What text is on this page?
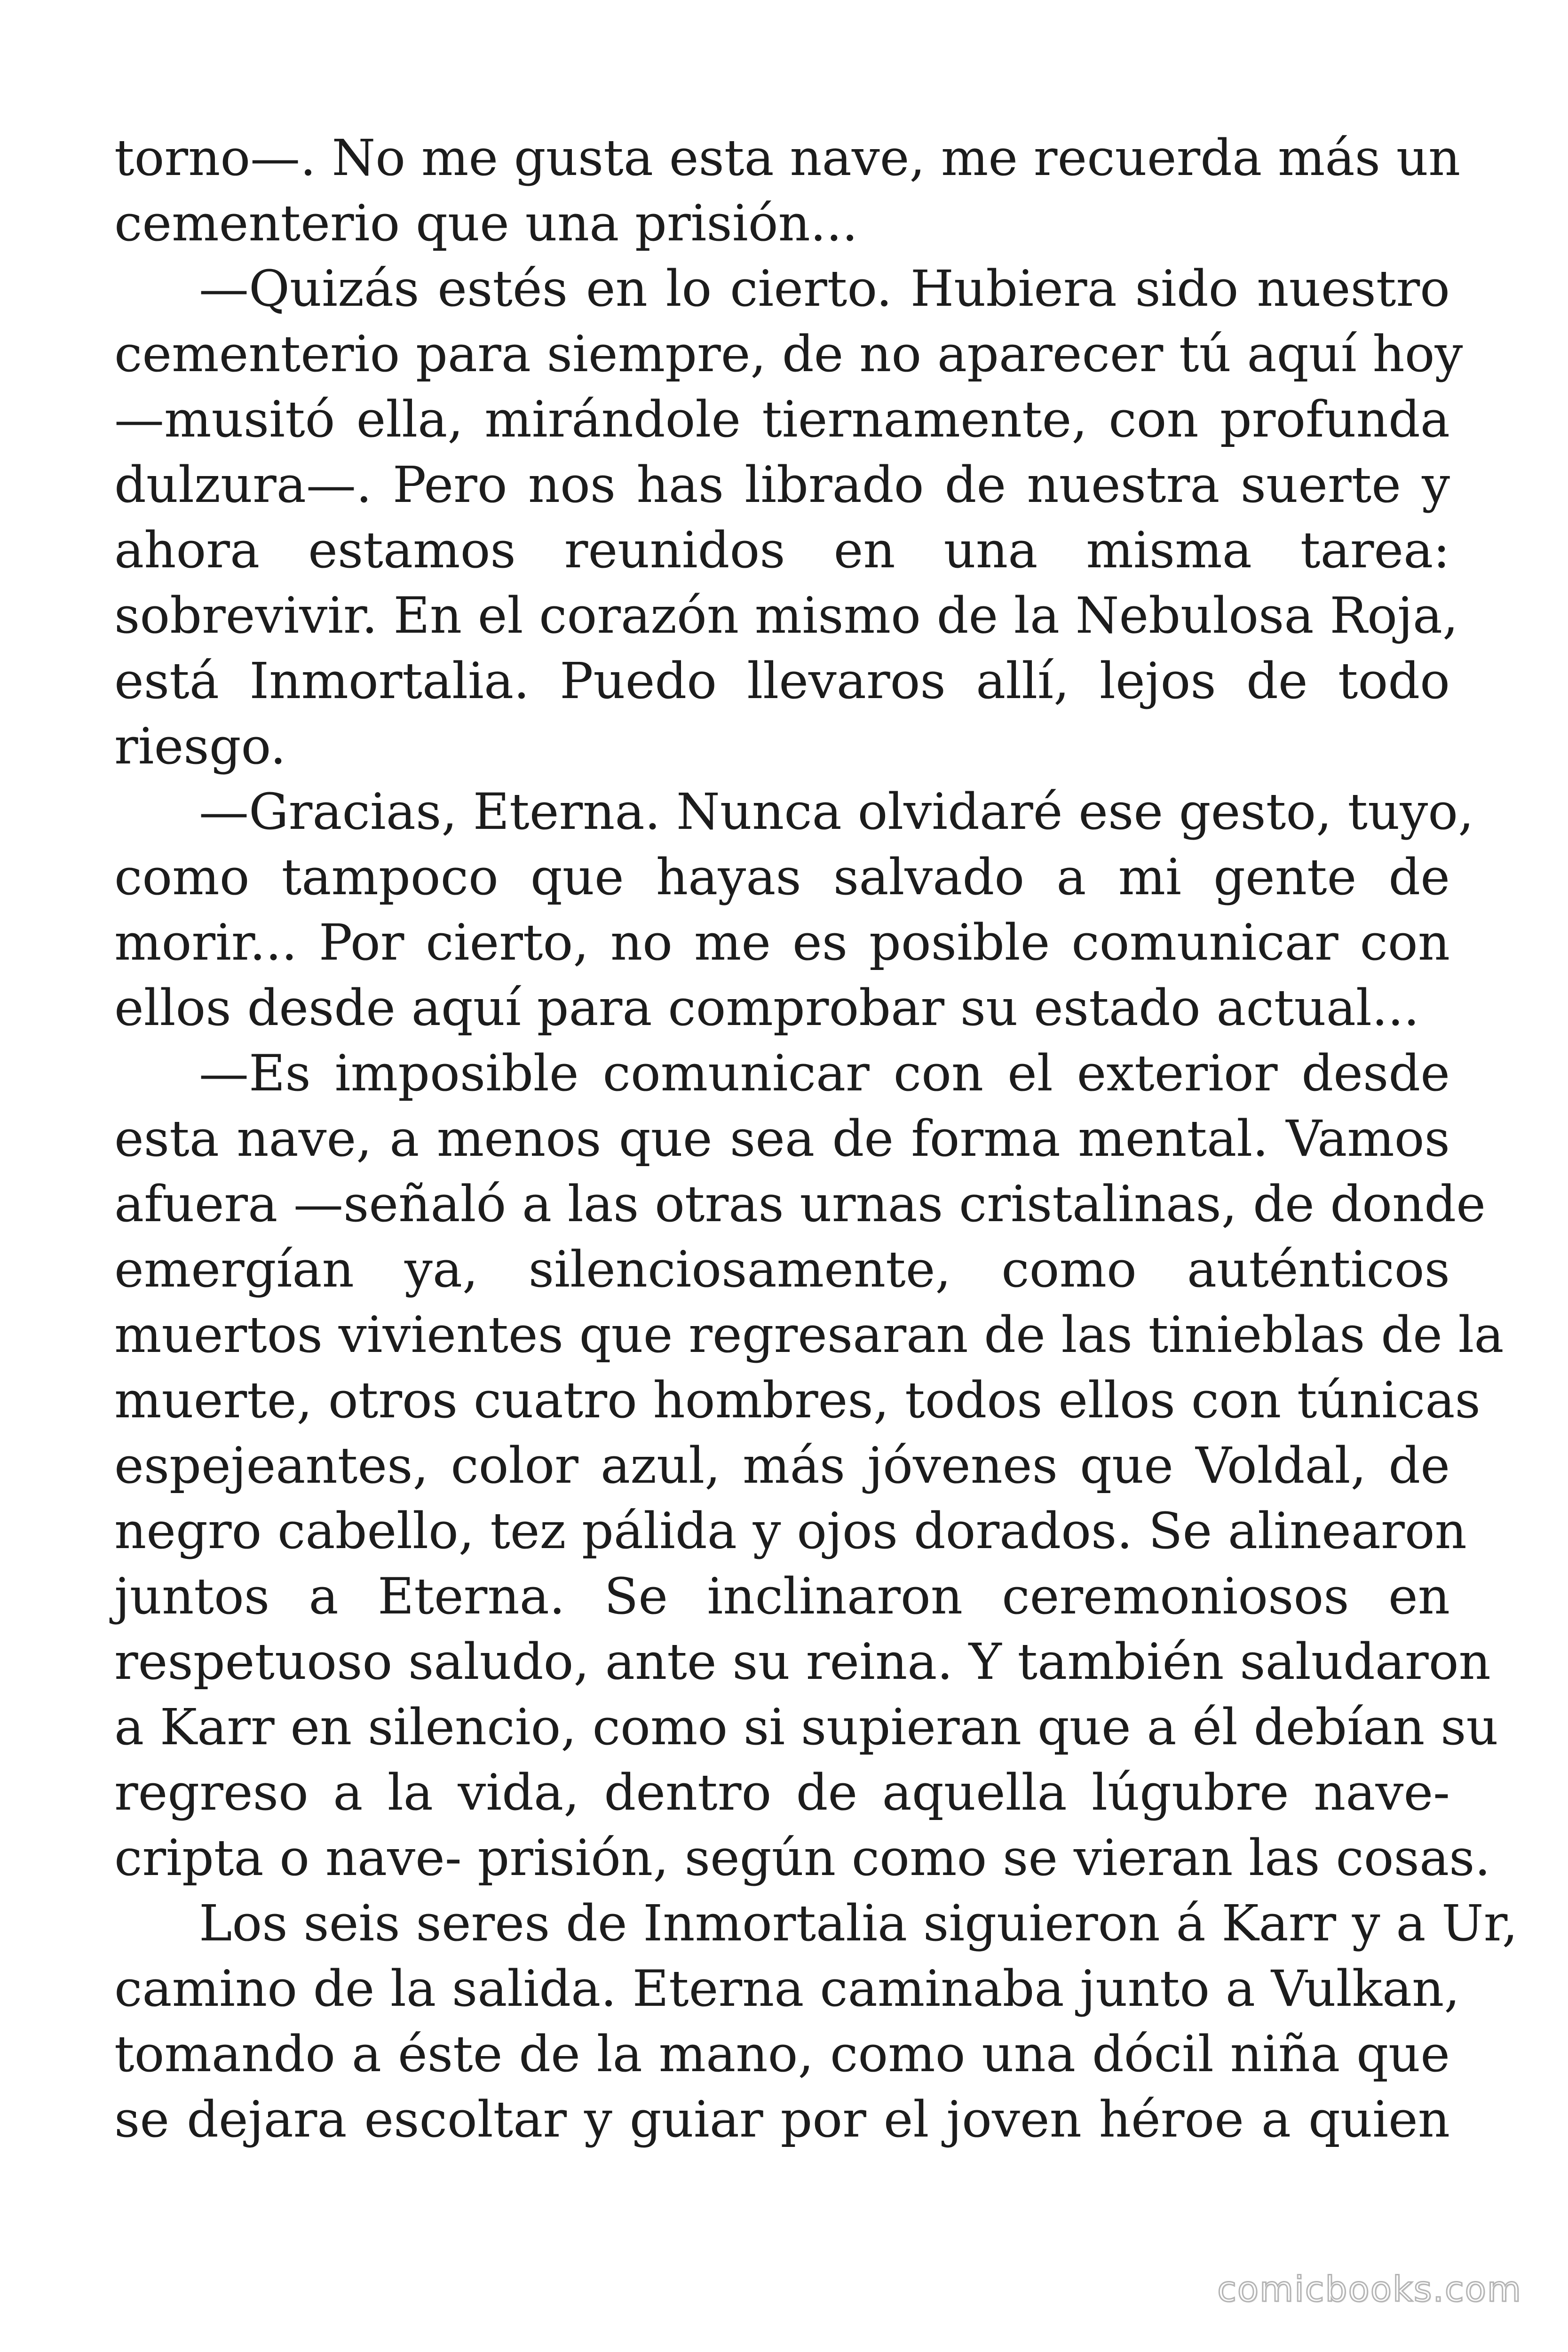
torno—. No me gusta esta nave, me recuerda más un
cementerio que una prisión...
—Quizás estés en lo cierto. Hubiera sido nuestro
cementerio para siempre, de no aparecer tú aquí hoy
—musitó ella, mirándole tiernamente, con profunda
dulzura—. Pero nos has librado de nuestra suerte y
ahora estamos reunidos en una misma tarea:
sobrevivir. En el corazón mismo de la Nebulosa Roja,
está Inmortalia. Puedo llevaros allí, lejos de todo
riesgo.
—Gracias, Eterna. Nunca olvidaré ese gesto, tuyo,
como tampoco que hayas salvado a mi gente de
morir... Por cierto, no me es posible comunicar con
ellos desde aquí para comprobar su estado actual...
—Es imposible comunicar con el exterior desde
esta nave, a menos que sea de forma mental. Vamos
afuera —señaló a las otras urnas cristalinas, de donde
emergían ya, silenciosamente, como auténticos
muertos vivientes que regresaran de las tinieblas de la
muerte, otros cuatro hombres, todos ellos con túnicas
espejeantes, color azul, más jóvenes que Voldal, de
negro cabello, tez pálida y ojos dorados. Se alinearon
juntos a Eterna. Se inclinaron ceremoniosos en
respetuoso saludo, ante su reina. Y también saludaron
a Karr en silencio, como si supieran que a él debían su
regreso a la vida, dentro de aquella lúgubre nave-
cripta o nave- prisión, según como se vieran las cosas.
Los seis seres de Inmortalia siguieron á Karr y a Ur,
camino de la salida. Eterna caminaba junto a Vulkan,
tomando a éste de la mano, como una dócil niña que
se dejara escoltar y guiar por el joven héroe a quien
comicbooks.com
